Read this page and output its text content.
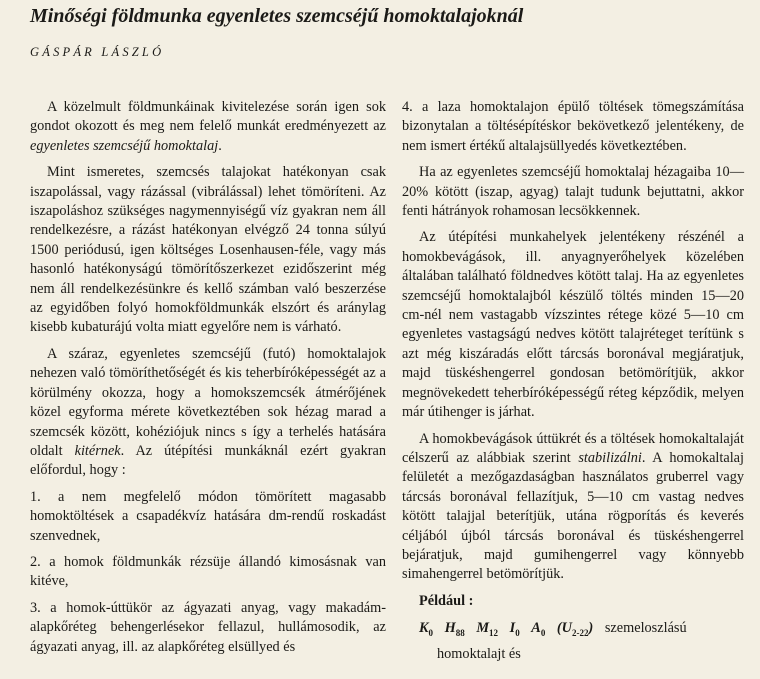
Minőségi földmunka egyenletes szemcséjű homoktalajoknál
GÁSPÁR LÁSZLÓ

A közelmult földmunkáinak kivitelezése során igen sok gondot okozott és meg nem felelő munkát eredményezett az egyenletes szemcséjű homoktalaj.

Mint ismeretes, szemcsés talajokat hatékonyan csak iszapolással, vagy rázással (vibrálással) lehet tömöríteni. Az iszapoláshoz szükséges nagymennyiségű víz gyakran nem áll rendelkezésre, a rázást hatékonyan elvégző 24 tonna súlyú 1500 periódusú, igen költséges Losenhausen-féle, vagy más hasonló hatékonyságú tömörítőszerkezet ezidőszerint még nem áll rendelkezésünkre és kellő számban való beszerzése az egyidőben folyó homokföldmunkák elszórt és aránylag kisebb kubaturájú volta miatt egyelőre nem is várható.

A száraz, egyenletes szemcséjű (futó) homoktalajok nehezen való tömöríthetőségét és kis teherbíróképességét az a körülmény okozza, hogy a homokszemcsék átmérőjének közel egyforma mérete következtében sok hézag marad a szemcsék között, kohéziójuk nincs s így a terhelés hatására oldalt kitérnek. Az útépítési munkáknál ezért gyakran előfordul, hogy :

1. a nem megfelelő módon tömörített magasabb homoktöltések a csapadékvíz hatására dm-rendű roskadást szenvednek,

2. a homok földmunkák rézsüje állandó kimosásnak van kitéve,

3. a homok-úttükör az ágyazati anyag, vagy makadám-alapkőréteg behengerlésekor fellazul, hullámosodik, az ágyazati anyag, ill. az alapkőréteg elsüllyed és

4. a laza homoktalajon épülő töltések tömegszámítása bizonytalan a töltésépítéskor bekövetkező jelentékeny, de nem ismert értékű altalajsüllyedés következtében.

Ha az egyenletes szemcséjű homoktalaj hézagaiba 10—20% kötött (iszap, agyag) talajt tudunk bejuttatni, akkor fenti hátrányok rohamosan lecsökkennek.

Az útépítési munkahelyek jelentékeny részénél a homokbevágások, ill. anyagnyerőhelyek közelében általában található földnedves kötött talaj. Ha az egyenletes szemcséjű homoktalajból készülő töltés minden 15—20 cm-nél nem vastagabb vízszintes rétege közé 5—10 cm egyenletes vastagságú nedves kötött talajréteget terítünk s azt még kiszáradás előtt tárcsás boronával megjáratjuk, majd tüskéshengerrel gondosan betömörítjük, akkor megnövekedett teherbíróképességű réteg képződik, melyen már útihenger is járhat.

A homokbevágások úttükrét és a töltések homokaltalaját célszerű az alábbiak szerint stabilizálni. A homokaltalaj felületét a mezőgazdaságban használatos gruberrel vagy tárcsás boronával fellazítjuk, 5—10 cm vastag nedves kötött talajjal beterítjük, utána rögporítás és keverés céljából újból tárcsás boronával és tüskéshengerrel bejáratjuk, majd gumihengerrel vagy könnyebb simahengerrel betömörítjük.

Például :

$K_0$ $H_{88}$ $M_{12}$ $I_0$ $A_0$ $(U_{2-22})$ szemeloszlású
homoktalajt és
